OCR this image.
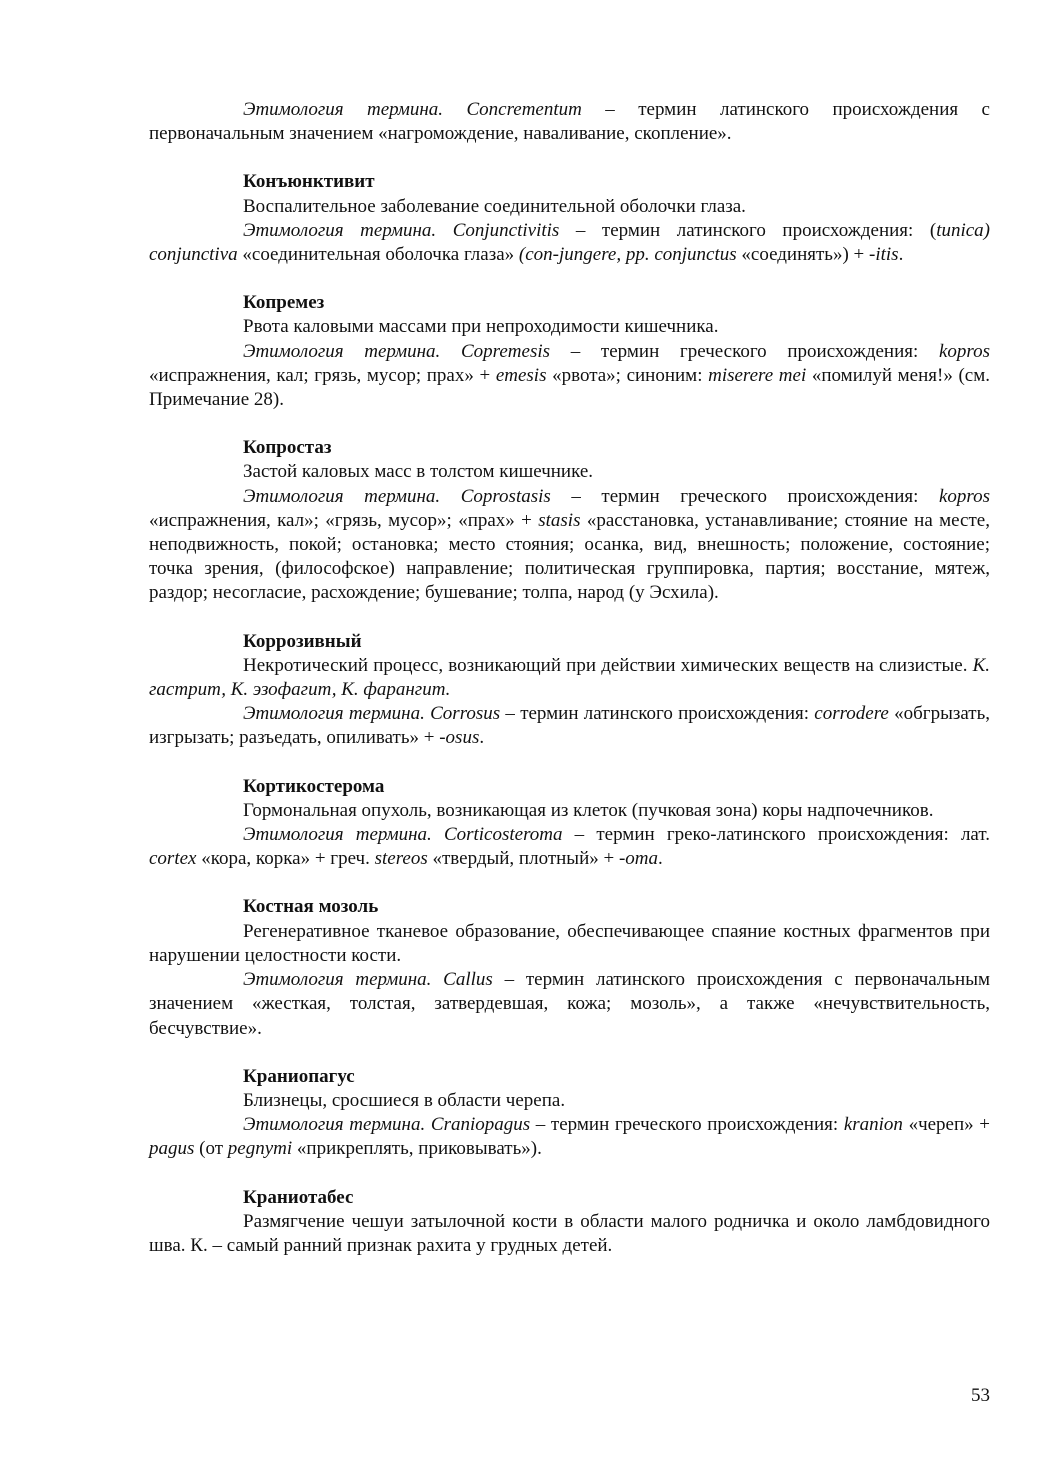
Этимология термина. Concrementum – термин латинского происхождения с первоначальным значением «нагромождение, наваливание, скопление».

Конъюнктивит

Воспалительное заболевание соединительной оболочки глаза.

Этимология термина. Conjunctivitis – термин латинского происхождения: (tunica) conjunctiva «соединительная оболочка глаза» (con-jungere, pp. conjunctus «соединять») + -itis.

Копремез

Рвота каловыми массами при непроходимости кишечника.

Этимология термина. Copremesis – термин греческого происхождения: kopros «испражнения, кал; грязь, мусор; прах» + emesis «рвота»; синоним: miserere mei «помилуй меня!» (см. Примечание 28).

Копростаз

Застой каловых масс в толстом кишечнике.

Этимология термина. Coprostasis – термин греческого происхождения: kopros «испражнения, кал»; «грязь, мусор»; «прах» + stasis «расстановка, устанавливание; стояние на месте, неподвижность, покой; остановка; место стояния; осанка, вид, внешность; положение, состояние; точка зрения, (философское) направление; политическая группировка, партия; восстание, мятеж, раздор; несогласие, расхождение; бушевание; толпа, народ (у Эсхила).

Коррозивный

Некротический процесс, возникающий при действии химических веществ на слизистые. К. гастрит, К. эзофагит, К. фарангит.

Этимология термина. Corrosus – термин латинского происхождения: corrodere «обгрызать, изгрызать; разъедать, опиливать» + -osus.

Кортикостерома

Гормональная опухоль, возникающая из клеток (пучковая зона) коры надпочечников.

Этимология термина. Corticosteroma – термин греко-латинского происхождения: лат. cortex «кора, корка» + греч. stereos «твердый, плотный» + -oma.

Костная мозоль

Регенеративное тканевое образование, обеспечивающее спаяние костных фрагментов при нарушении целостности кости.

Этимология термина. Callus – термин латинского происхождения с первоначальным значением «жесткая, толстая, затвердевшая, кожа; мозоль», а также «нечувствительность, бесчувствие».

Краниопагус

Близнецы, сросшиеся в области черепа.

Этимология термина. Craniopagus – термин греческого происхождения: kranion «череп» + pagus (от pegnymi «прикреплять, приковывать»).

Краниотабес

Размягчение чешуи затылочной кости в области малого родничка и около ламбдовидного шва. К. – самый ранний признак рахита у грудных детей.

53
